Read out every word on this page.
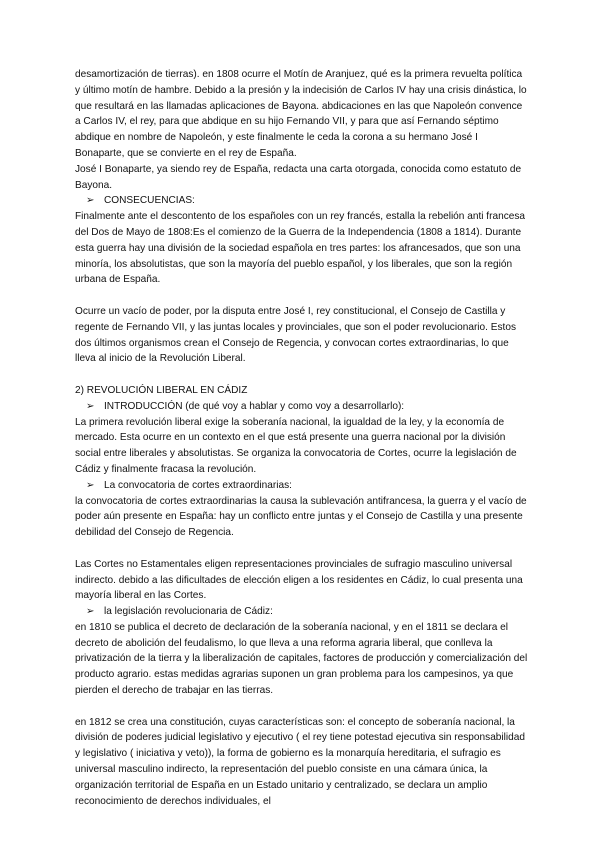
desamortización de tierras). en 1808 ocurre el Motín de Aranjuez, qué es la primera revuelta política y último motín de hambre. Debido a la presión y la indecisión de Carlos IV hay una crisis dinástica, lo que resultará en las llamadas aplicaciones de Bayona. abdicaciones en las que Napoleón convence a Carlos IV, el rey, para que abdique en su hijo Fernando VII, y para que así Fernando séptimo abdique en nombre de Napoleón, y este finalmente le ceda la corona a su hermano José I Bonaparte, que se convierte en el rey de España.

José I Bonaparte, ya siendo rey de España, redacta una carta otorgada, conocida como estatuto de Bayona.

➢ CONSECUENCIAS:

Finalmente ante el descontento de los españoles con un rey francés, estalla la rebelión anti francesa del Dos de Mayo de 1808:Es el comienzo de la Guerra de la Independencia (1808 a 1814). Durante esta guerra hay una división de la sociedad española en tres partes: los afrancesados, que son una minoría, los absolutistas, que son la mayoría del pueblo español, y los liberales, que son la región urbana de España.

Ocurre un vacío de poder, por la disputa entre José I, rey constitucional, el Consejo de Castilla y regente de Fernando VII, y las juntas locales y provinciales, que son el poder revolucionario. Estos dos últimos organismos crean el Consejo de Regencia, y convocan cortes extraordinarias, lo que lleva al inicio de la Revolución Liberal.

2) REVOLUCIÓN LIBERAL EN CÁDIZ

➢ INTRODUCCIÓN (de qué voy a hablar y como voy a desarrollarlo):

La primera revolución liberal exige la soberanía nacional, la igualdad de la ley, y la economía de mercado. Esta ocurre en un contexto en el que está presente una guerra nacional por la división social entre liberales y absolutistas. Se organiza la convocatoria de Cortes, ocurre la legislación de Cádiz y finalmente fracasa la revolución.

➢ La convocatoria de cortes extraordinarias:

la convocatoria de cortes extraordinarias la causa la sublevación antifrancesa, la guerra y el vacío de poder aún presente en España: hay un conflicto entre juntas y el Consejo de Castilla y una presente debilidad del Consejo de Regencia.

Las Cortes no Estamentales eligen representaciones provinciales de sufragio masculino universal indirecto. debido a las dificultades de elección eligen a los residentes en Cádiz, lo cual presenta una mayoría liberal en las Cortes.

➢ la legislación revolucionaria de Cádiz:

en 1810 se publica el decreto de declaración de la soberanía nacional, y en el 1811 se declara el decreto de abolición del feudalismo, lo que lleva a una reforma agraria liberal, que conlleva la privatización de la tierra y la liberalización de capitales, factores de producción y comercialización del producto agrario. estas medidas agrarias suponen un gran problema para los campesinos, ya que pierden el derecho de trabajar en las tierras.

en 1812 se crea una constitución, cuyas características son: el concepto de soberanía nacional, la división de poderes judicial legislativo y ejecutivo ( el rey tiene potestad ejecutiva sin responsabilidad y legislativo ( iniciativa y veto)), la forma de gobierno es la monarquía hereditaria, el sufragio es universal masculino indirecto, la representación del pueblo consiste en una cámara única, la organización territorial de España en un Estado unitario y centralizado, se declara un amplio reconocimiento de derechos individuales, el
